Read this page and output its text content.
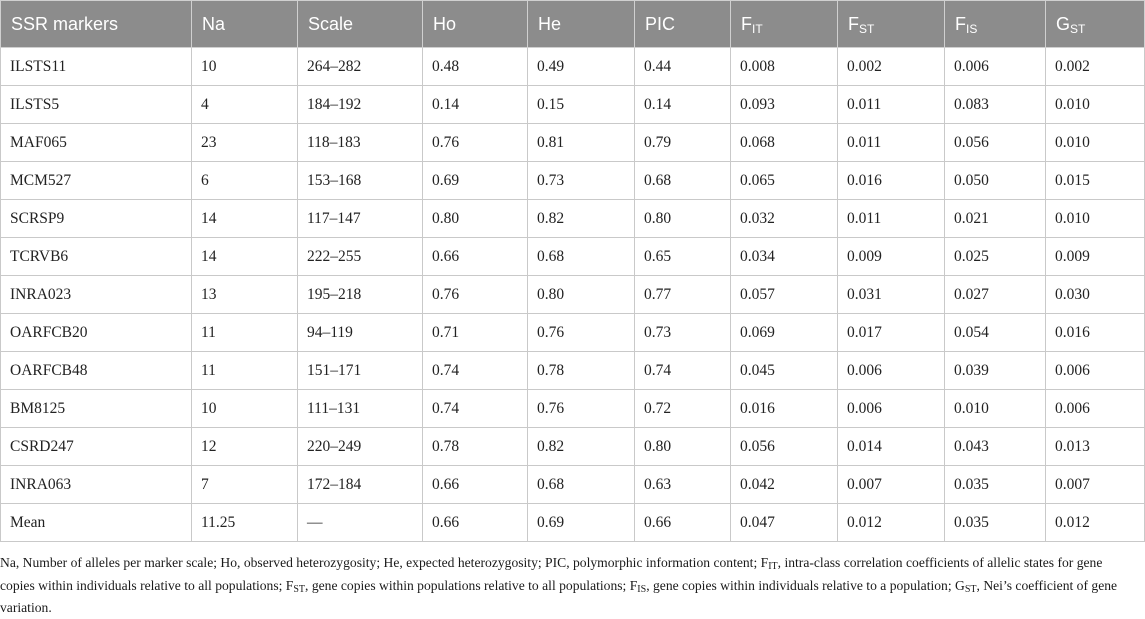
SSR markers	Na	Scale	Ho	He	PIC	$F_{IT}$	$F_{ST}$	$F_{IS}$	$G_{ST}$
ILSTS11	10	264–282	0.48	0.49	0.44	0.008	0.002	0.006	0.002
ILSTS5	4	184–192	0.14	0.15	0.14	0.093	0.011	0.083	0.010
MAF065	23	118–183	0.76	0.81	0.79	0.068	0.011	0.056	0.010
MCM527	6	153–168	0.69	0.73	0.68	0.065	0.016	0.050	0.015
SCRSP9	14	117–147	0.80	0.82	0.80	0.032	0.011	0.021	0.010
TCRVB6	14	222–255	0.66	0.68	0.65	0.034	0.009	0.025	0.009
INRA023	13	195–218	0.76	0.80	0.77	0.057	0.031	0.027	0.030
OARFCB20	11	94–119	0.71	0.76	0.73	0.069	0.017	0.054	0.016
OARFCB48	11	151–171	0.74	0.78	0.74	0.045	0.006	0.039	0.006
BM8125	10	111–131	0.74	0.76	0.72	0.016	0.006	0.010	0.006
CSRD247	12	220–249	0.78	0.82	0.80	0.056	0.014	0.043	0.013
INRA063	7	172–184	0.66	0.68	0.63	0.042	0.007	0.035	0.007
Mean	11.25	—	0.66	0.69	0.66	0.047	0.012	0.035	0.012
Na, Number of alleles per marker scale; Ho, observed heterozygosity; He, expected heterozygosity; PIC, polymorphic information content; $F_{IT}$, intra-class correlation coefficients of allelic states for gene copies within individuals relative to all populations; $F_{ST}$, gene copies within populations relative to all populations; $F_{IS}$, gene copies within individuals relative to a population; $G_{ST}$, Nei’s coefficient of gene variation.
